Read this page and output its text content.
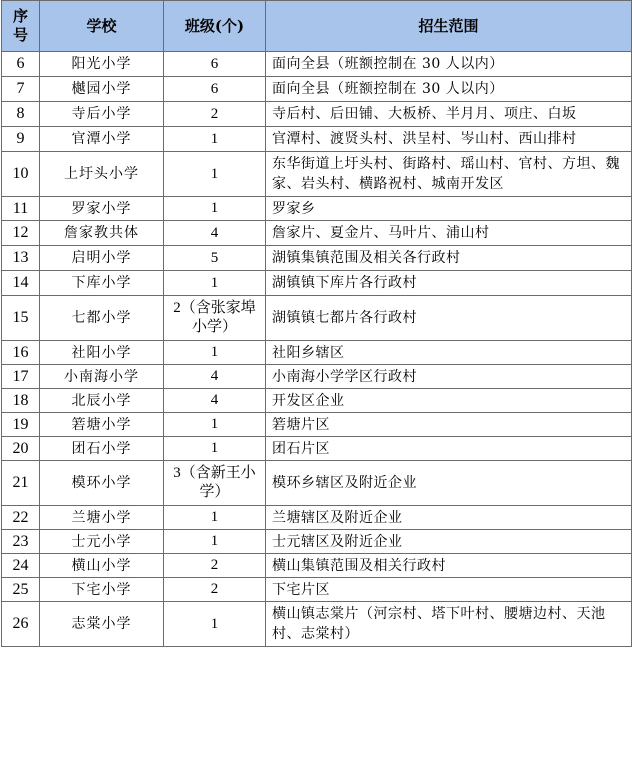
序号	学校	班级(个)	招生范围
6	阳光小学	6	面向全县（班额控制在 30 人以内）
7	樾园小学	6	面向全县（班额控制在 30 人以内）
8	寺后小学	2	寺后村、后田铺、大板桥、半月月、项庄、白坂
9	官潭小学	1	官潭村、渡贤头村、洪呈村、岑山村、西山排村
10	上圩头小学	1	东华街道上圩头村、街路村、瑶山村、官村、方坦、魏家、岩头村、横路祝村、城南开发区
11	罗家小学	1	罗家乡
12	詹家教共体	4	詹家片、夏金片、马叶片、浦山村
13	启明小学	5	湖镇集镇范围及相关各行政村
14	下库小学	1	湖镇镇下库片各行政村
15	七都小学	2（含张家埠小学）	湖镇镇七都片各行政村
16	社阳小学	1	社阳乡辖区
17	小南海小学	4	小南海小学学区行政村
18	北辰小学	4	开发区企业
19	箬塘小学	1	箬塘片区
20	团石小学	1	团石片区
21	模环小学	3（含新王小学）	模环乡辖区及附近企业
22	兰塘小学	1	兰塘辖区及附近企业
23	士元小学	1	士元辖区及附近企业
24	横山小学	2	横山集镇范围及相关行政村
25	下宅小学	2	下宅片区
26	志棠小学	1	横山镇志棠片（河宗村、塔下叶村、腰塘边村、天池村、志棠村）
